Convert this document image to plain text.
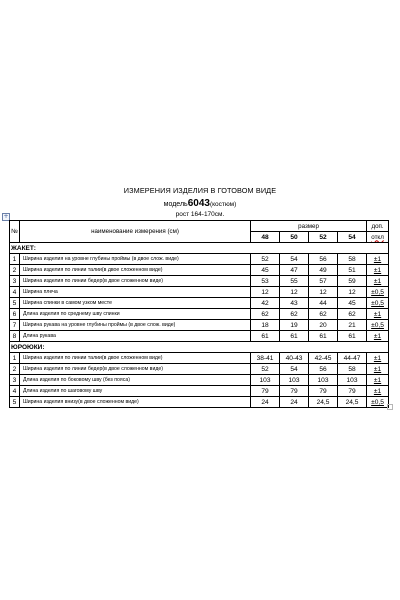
ИЗМЕРЕНИЯ ИЗДЕЛИЯ В ГОТОВОМ ВИДЕ
модель6043(костюм)
рост 164-170см.
+
№	наименование измерения (см)	размер				доп.
		48	50	52	54	откл
ЖАКЕТ:						
1	Ширина изделия на уровне глубины проймы (в двое слож. виде)	52	54	56	58	±1
2	Ширина изделия по линии талии(в двое сложенном виде)	45	47	49	51	±1
3	Ширина изделия по линии бедер(в двое сложенном виде)	53	55	57	59	±1
4	Ширина плеча	12	12	12	12	±0,5
5	Ширина спинки в самом узком месте	42	43	44	45	±0,5
6	Длина изделия по среднему шву спинки	62	62	62	62	±1
7	Ширина рукава на уровне глубины проймы (в двое слож. виде)	18	19	20	21	±0,5
8	Длина рукава	61	61	61	61	±1
ЮРОЮКИ:						
1	Ширина изделия по линии талии(в двое сложенном виде)	38-41	40-43	42-45	44-47	±1
2	Ширина изделия по линии бедер(в двое сложенном виде)	52	54	56	58	±1
3	Длина изделия по боковому шву (без пояса)	103	103	103	103	±1
4	Длина изделия по шаговому шву	79	79	79	79	±1
5	Ширина изделия внизу(в двое сложенном виде)	24	24	24,5	24,5	±0,5
